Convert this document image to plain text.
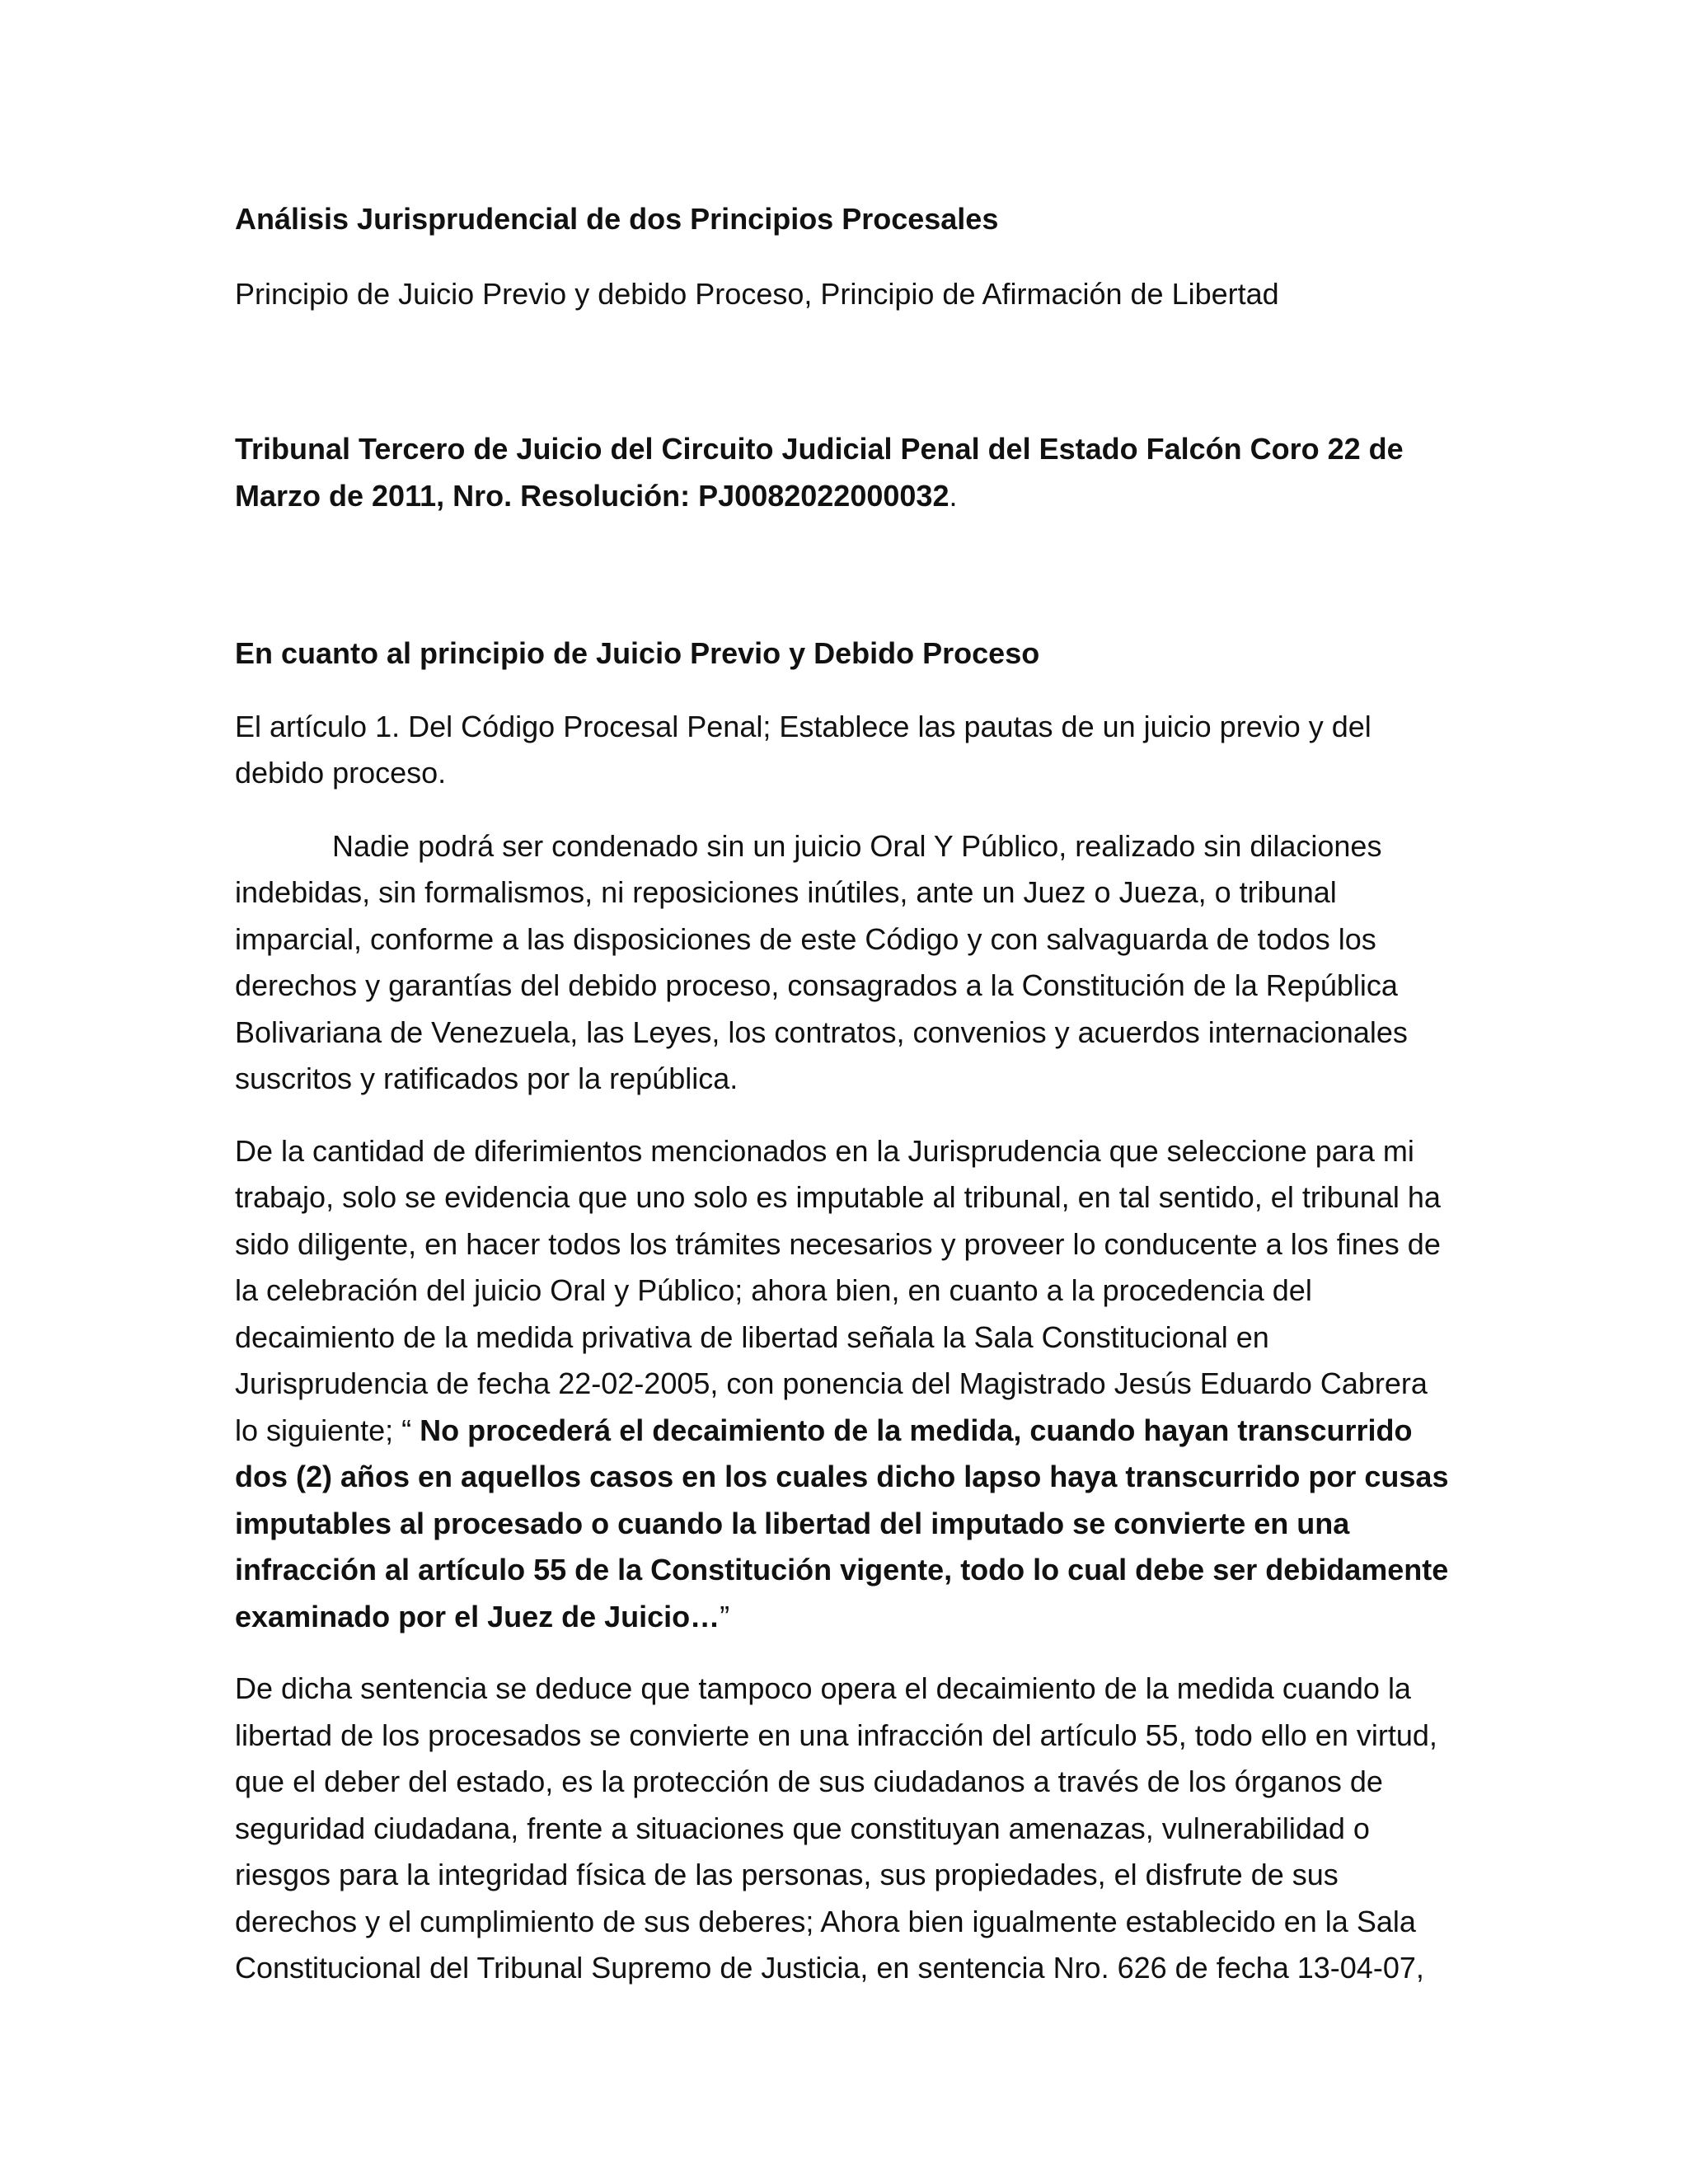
Análisis Jurisprudencial de dos Principios Procesales

Principio de Juicio Previo y debido Proceso, Principio de Afirmación de Libertad

Tribunal Tercero de Juicio del Circuito Judicial Penal del Estado Falcón Coro 22 de Marzo de 2011, Nro. Resolución: PJ0082022000032.

En cuanto al principio de Juicio Previo y Debido Proceso

El artículo 1. Del Código Procesal Penal; Establece las pautas de un juicio previo y del debido proceso.

Nadie podrá ser condenado sin un juicio Oral Y Público, realizado sin dilaciones indebidas, sin formalismos, ni reposiciones inútiles, ante un Juez o Jueza, o tribunal imparcial, conforme a las disposiciones de este Código y con salvaguarda de todos los derechos y garantías del debido proceso, consagrados a la Constitución de la República Bolivariana de Venezuela, las Leyes, los contratos, convenios y acuerdos internacionales suscritos y ratificados por la república.

De la cantidad de diferimientos mencionados en la Jurisprudencia que seleccione para mi trabajo, solo se evidencia que uno solo es imputable al tribunal, en tal sentido, el tribunal ha sido diligente, en hacer todos los trámites necesarios y proveer lo conducente a los fines de la celebración del juicio Oral y Público; ahora bien, en cuanto a la procedencia del decaimiento de la medida privativa de libertad señala la Sala Constitucional en Jurisprudencia de fecha 22-02-2005, con ponencia del Magistrado Jesús Eduardo Cabrera lo siguiente; “ No procederá el decaimiento de la medida, cuando hayan transcurrido dos (2) años en aquellos casos en los cuales dicho lapso haya transcurrido por cusas imputables al procesado o cuando la libertad del imputado se convierte en una infracción al artículo 55 de la Constitución vigente, todo lo cual debe ser debidamente examinado por el Juez de Juicio…”

De dicha sentencia se deduce que tampoco opera el decaimiento de la medida cuando la libertad de los procesados se convierte en una infracción del artículo 55, todo ello en virtud, que el deber del estado, es la protección de sus ciudadanos a través de los órganos de seguridad ciudadana, frente a situaciones que constituyan amenazas, vulnerabilidad o riesgos para la integridad física de las personas, sus propiedades, el disfrute de sus derechos y el cumplimiento de sus deberes; Ahora bien igualmente establecido en la Sala Constitucional del Tribunal Supremo de Justicia, en sentencia Nro. 626 de fecha 13-04-07,
